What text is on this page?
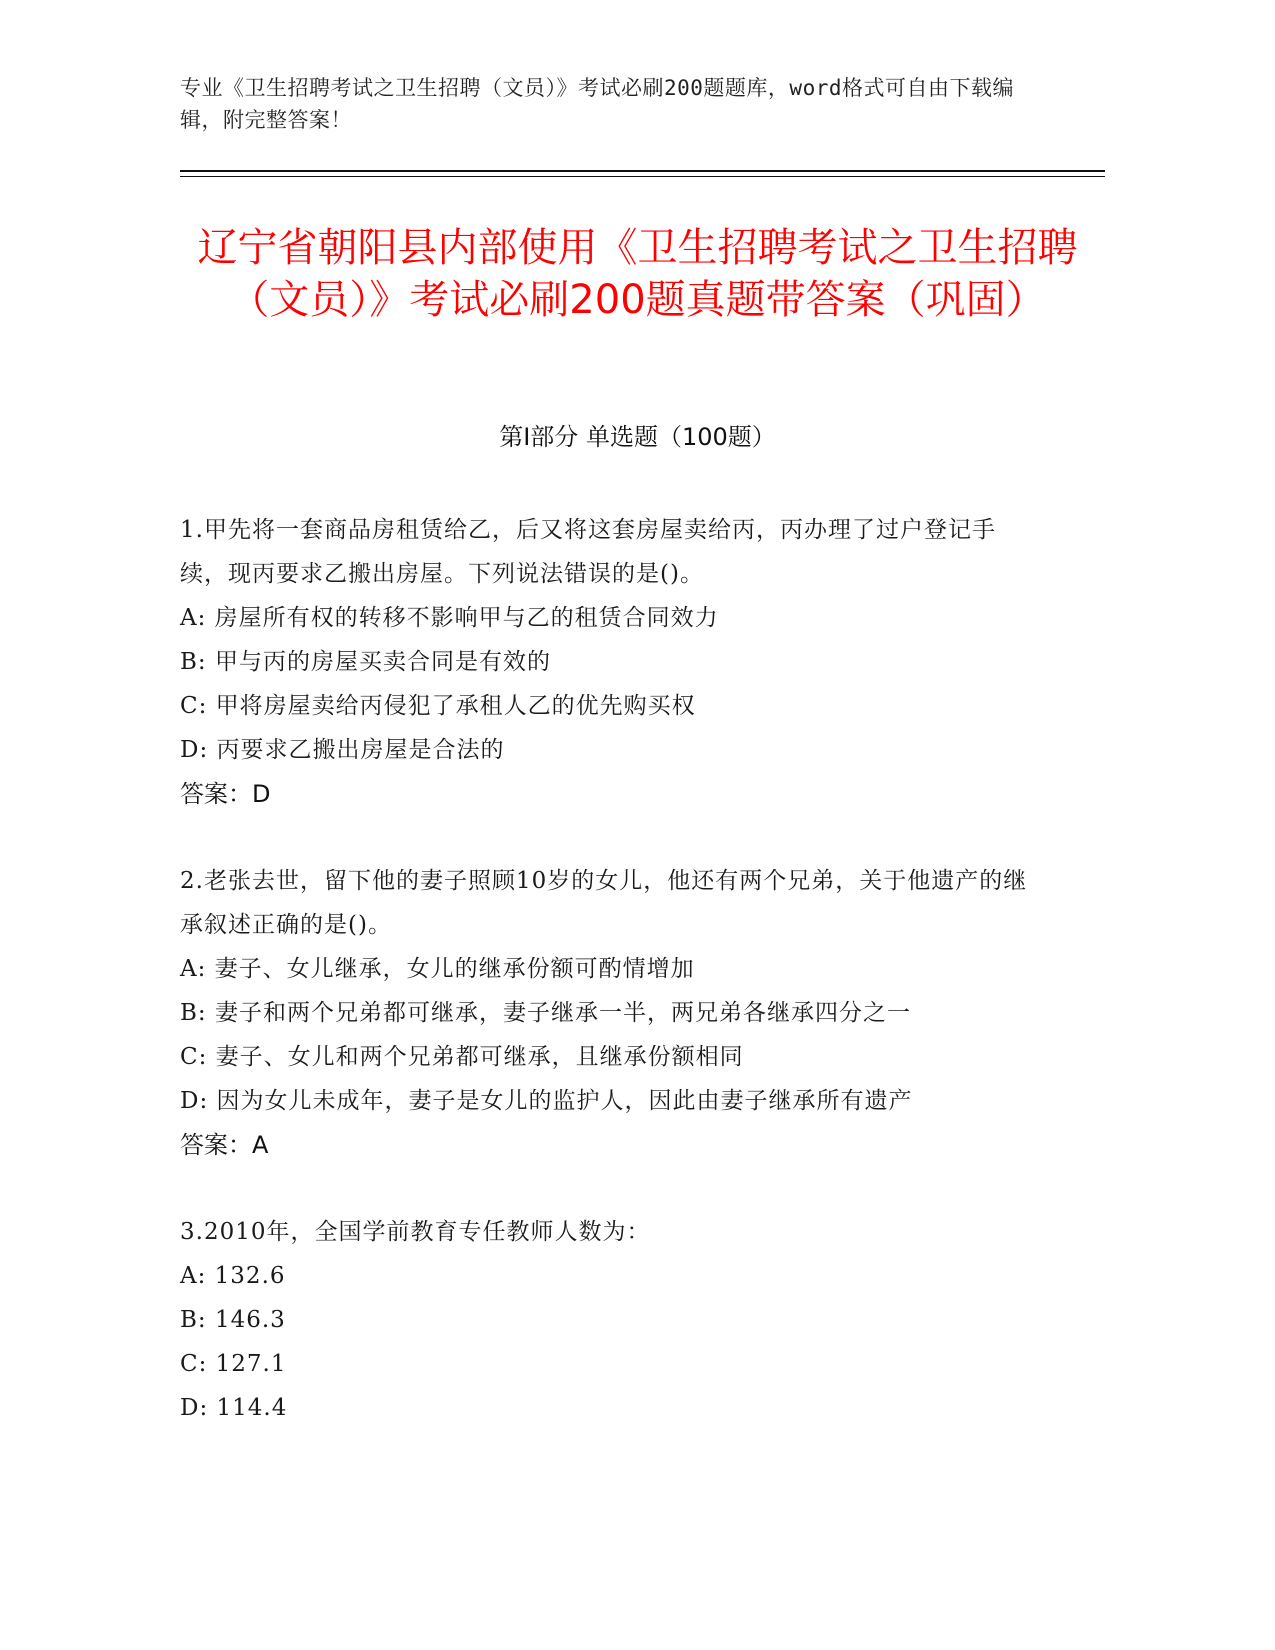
专业《卫生招聘考试之卫生招聘（文员）》考试必刷200题题库，word格式可自由下载编辑，附完整答案！
辽宁省朝阳县内部使用《卫生招聘考试之卫生招聘（文员）》考试必刷200题真题带答案（巩固）
第Ⅰ部分 单选题（100题）
1.甲先将一套商品房租赁给乙，后又将这套房屋卖给丙，丙办理了过户登记手续，现丙要求乙搬出房屋。下列说法错误的是()。
A: 房屋所有权的转移不影响甲与乙的租赁合同效力
B: 甲与丙的房屋买卖合同是有效的
C: 甲将房屋卖给丙侵犯了承租人乙的优先购买权
D: 丙要求乙搬出房屋是合法的
答案：D
2.老张去世，留下他的妻子照顾10岁的女儿，他还有两个兄弟，关于他遗产的继承叙述正确的是()。
A: 妻子、女儿继承，女儿的继承份额可酌情增加
B: 妻子和两个兄弟都可继承，妻子继承一半，两兄弟各继承四分之一
C: 妻子、女儿和两个兄弟都可继承，且继承份额相同
D: 因为女儿未成年，妻子是女儿的监护人，因此由妻子继承所有遗产
答案：A
3.2010年，全国学前教育专任教师人数为：
A: 132.6
B: 146.3
C: 127.1
D: 114.4
